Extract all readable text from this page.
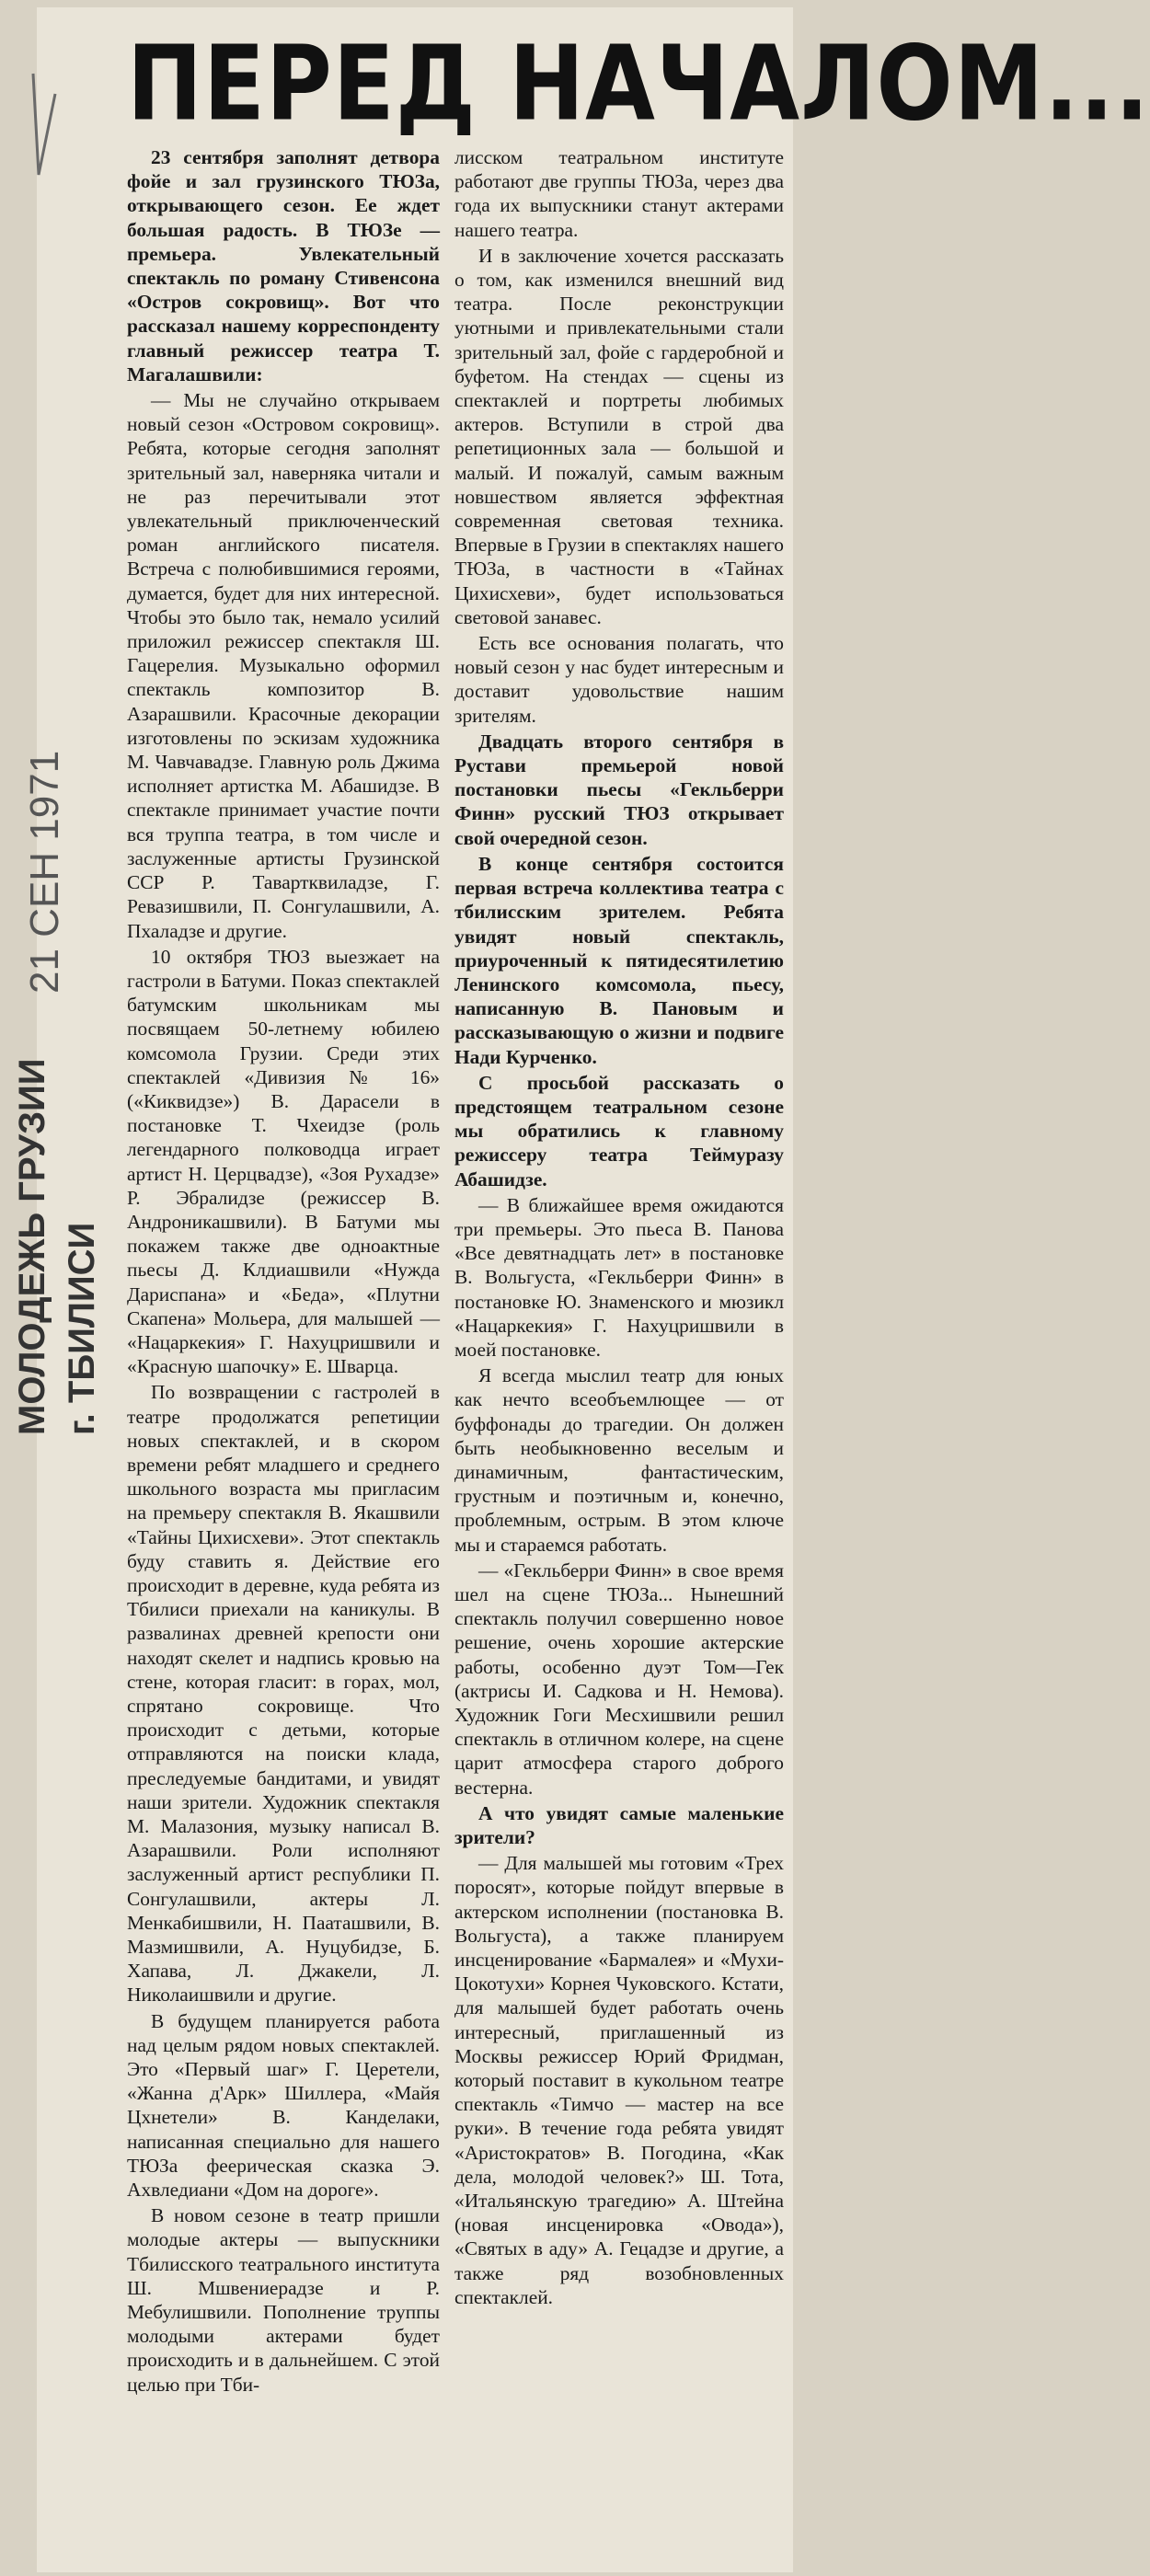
ПЕРЕД НАЧАЛОМ...
21 СЕН 1971
МОЛОДЕЖЬ ГРУЗИИ г. ТБИЛИСИ

23 сентября заполнят детвора фойе и зал грузинского ТЮЗа, открывающего сезон. Ее ждет большая радость. В ТЮЗе — премьера. Увлекательный спектакль по роману Стивенсона «Остров сокровищ». Вот что рассказал нашему корреспонденту главный режиссер театра Т. Магалашвили:

— Мы не случайно открываем новый сезон «Островом сокровищ». Ребята, которые сегодня заполнят зрительный зал, наверняка читали и не раз перечитывали этот увлекательный приключенческий роман английского писателя. Встреча с полюбившимися героями, думается, будет для них интересной. Чтобы это было так, немало усилий приложил режиссер спектакля Ш. Гацерелия. Музыкально оформил спектакль композитор В. Азарашвили. Красочные декорации изготовлены по эскизам художника М. Чавчавадзе. Главную роль Джима исполняет артистка М. Абашидзе. В спектакле принимает участие почти вся труппа театра, в том числе и заслуженные артисты Грузинской ССР Р. Тавартквиладзе, Г. Ревазишвили, П. Сонгулашвили, А. Пхаладзе и другие.

10 октября ТЮЗ выезжает на гастроли в Батуми. Показ спектаклей батумским школьникам мы посвящаем 50-летнему юбилею комсомола Грузии. Среди этих спектаклей «Дивизия № 16» («Киквидзе») В. Дарасели в постановке Т. Чхеидзе (роль легендарного полководца играет артист Н. Церцвадзе), «Зоя Рухадзе» Р. Эбралидзе (режиссер В. Андроникашвили). В Батуми мы покажем также две одноактные пьесы Д. Клдиашвили «Нужда Дариспана» и «Беда», «Плутни Скапена» Мольера, для малышей — «Нацаркекия» Г. Нахуцришвили и «Красную шапочку» Е. Шварца.

По возвращении с гастролей в театре продолжатся репетиции новых спектаклей, и в скором времени ребят младшего и среднего школьного возраста мы пригласим на премьеру спектакля В. Якашвили «Тайны Цихисхеви». Этот спектакль буду ставить я. Действие его происходит в деревне, куда ребята из Тбилиси приехали на каникулы. В развалинах древней крепости они находят скелет и надпись кровью на стене, которая гласит: в горах, мол, спрятано сокровище. Что происходит с детьми, которые отправляются на поиски клада, преследуемые бандитами, и увидят наши зрители. Художник спектакля М. Малазония, музыку написал В. Азарашвили. Роли исполняют заслуженный артист республики П. Сонгулашвили, актеры Л. Менкабишвили, Н. Пааташвили, В. Мазмишвили, А. Нуцубидзе, Б. Хапава, Л. Джакели, Л. Николаишвили и другие.

В будущем планируется работа над целым рядом новых спектаклей. Это «Первый шаг» Г. Церетели, «Жанна д'Арк» Шиллера, «Майя Цхнетели» В. Канделаки, написанная специально для нашего ТЮЗа феерическая сказка Э. Ахвледиани «Дом на дороге».

В новом сезоне в театр пришли молодые актеры — выпускники Тбилисского театрального института Ш. Мшвениерадзе и Р. Мебулишвили. Пополнение труппы молодыми актерами будет происходить и в дальнейшем. С этой целью при Тби-

лисском театральном институте работают две группы ТЮЗа, через два года их выпускники станут актерами нашего театра.

И в заключение хочется рассказать о том, как изменился внешний вид театра. После реконструкции уютными и привлекательными стали зрительный зал, фойе с гардеробной и буфетом. На стендах — сцены из спектаклей и портреты любимых актеров. Вступили в строй два репетиционных зала — большой и малый. И пожалуй, самым важным новшеством является эффектная современная световая техника. Впервые в Грузии в спектаклях нашего ТЮЗа, в частности в «Тайнах Цихисхеви», будет использоваться световой занавес.

Есть все основания полагать, что новый сезон у нас будет интересным и доставит удовольствие нашим зрителям.

Двадцать второго сентября в Рустави премьерой новой постановки пьесы «Гекльберри Финн» русский ТЮЗ открывает свой очередной сезон.

В конце сентября состоится первая встреча коллектива театра с тбилисским зрителем. Ребята увидят новый спектакль, приуроченный к пятидесятилетию Ленинского комсомола, пьесу, написанную В. Пановым и рассказывающую о жизни и подвиге Нади Курченко.

С просьбой рассказать о предстоящем театральном сезоне мы обратились к главному режиссеру театра Теймуразу Абашидзе.

— В ближайшее время ожидаются три премьеры. Это пьеса В. Панова «Все девятнадцать лет» в постановке В. Вольгуста, «Гекльберри Финн» в постановке Ю. Знаменского и мюзикл «Нацаркекия» Г. Нахуцришвили в моей постановке.

Я всегда мыслил театр для юных как нечто всеобъемлющее — от буффонады до трагедии. Он должен быть необыкновенно веселым и динамичным, фантастическим, грустным и поэтичным и, конечно, проблемным, острым. В этом ключе мы и стараемся работать.

— «Гекльберри Финн» в свое время шел на сцене ТЮЗа... Нынешний спектакль получил совершенно новое решение, очень хорошие актерские работы, особенно дуэт Том—Гек (актрисы И. Садкова и Н. Немова). Художник Гоги Месхишвили решил спектакль в отличном колере, на сцене царит атмосфера старого доброго вестерна.

А что увидят самые маленькие зрители?

— Для малышей мы готовим «Трех поросят», которые пойдут впервые в актерском исполнении (постановка В. Вольгуста), а также планируем инсценирование «Бармалея» и «Мухи-Цокотухи» Корнея Чуковского. Кстати, для малышей будет работать очень интересный, приглашенный из Москвы режиссер Юрий Фридман, который поставит в кукольном театре спектакль «Тимчо — мастер на все руки». В течение года ребята увидят «Аристократов» В. Погодина, «Как дела, молодой человек?» Ш. Тота, «Итальянскую трагедию» А. Штейна (новая инсценировка «Овода»), «Святых в аду» А. Гецадзе и другие, а также ряд возобновленных спектаклей.
